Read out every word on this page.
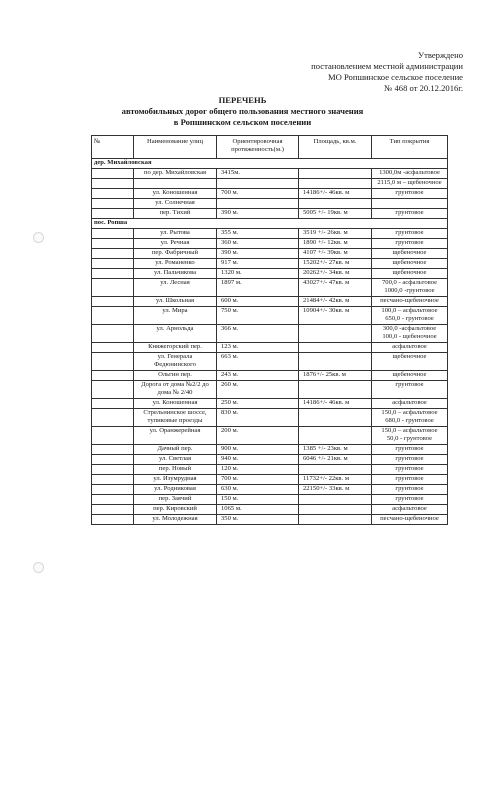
Утверждено
постановлением местной администрации
МО Ропшинское сельское поселение
№ 468 от 20.12.2016г.
ПЕРЕЧЕНЬ
автомобильных дорог общего пользования местного значения
в Ропшинском сельском поселении
№	Наименование улиц	Ориентировочная протяженность(м.)	Площадь, кв.м.	Тип покрытия
дер. Михайловская				
	по дер. Михайловская	3415м.		1300,0м -асфальтовое
				2115,0 м – щебеночное
	ул. Коношенная	700 м.	14186+/- 46кв. м	грунтовое
	ул. Солнечная			
	пер. Тихий	390 м.	5005 +/- 19кв. м	грунтовое
пос. Ропша				
	ул. Рытова	355 м.	3519 +/- 26кв. м	грунтовое
	ул. Речная	360 м.	1890 +/- 12кв. м	грунтовое
	пер. Фабричный	390 м.	4107 +/- 39кв. м	щебеночное
	ул. Романенко	917 м.	15202+/- 27кв. м	щебеночное
	ул. Пальчикова	1320 м.	20262+/- 34кв. м	щебеночное
	ул. Лесная	1897 м.	43027+/- 47кв. м	700,0 - асфальтовое
1000,0 -грунтовое
	ул. Школьная	600 м.	21484+/- 42кв. м	песчано-щебеночное
	ул. Мира	750 м.	10904+/- 30кв. м	100,0 – асфальтовое
650,0 - грунтовое
	ул. Арнольда	366 м.		300,0 -асфальтовое
100,0 - щебеночное
	Княжегорский пер.	123 м.		асфальтовое
	ул. Генерала Федюнинского	663 м.		щебеночное
	Ольгин пер.	243 м.	1876+/- 25кв. м	щебеночное
	Дорога от дома №2/2 до дома № 2/40	260 м.		грунтовое
	ул. Коношенная	250 м.	14186+/- 46кв. м	асфальтовое
	Стрельнинское шоссе, тупиковые проезды	830 м.		150,0 – асфальтовое
680,0 - грунтовое
	ул. Оранжерейная	200 м.		150,0 – асфальтовое
50,0 - грунтовое
	Дачный пер.	900 м.	1385 +/- 23кв. м	грунтовое
	ул. Светлая	940 м.	6046 +/- 21кв. м	грунтовое
	пер. Новый	120 м.		грунтовое
	ул. Изумрудная	700 м.	11732+/- 22кв. м	грунтовое
	ул. Родниковая	630 м.	22150+/- 33кв. м	грунтовое
	пер. Заячий	150 м.		грунтовое
	пер. Кировский	1065 м.		асфальтовое
	ул. Молодежная	350 м.		песчано-щебеночное
